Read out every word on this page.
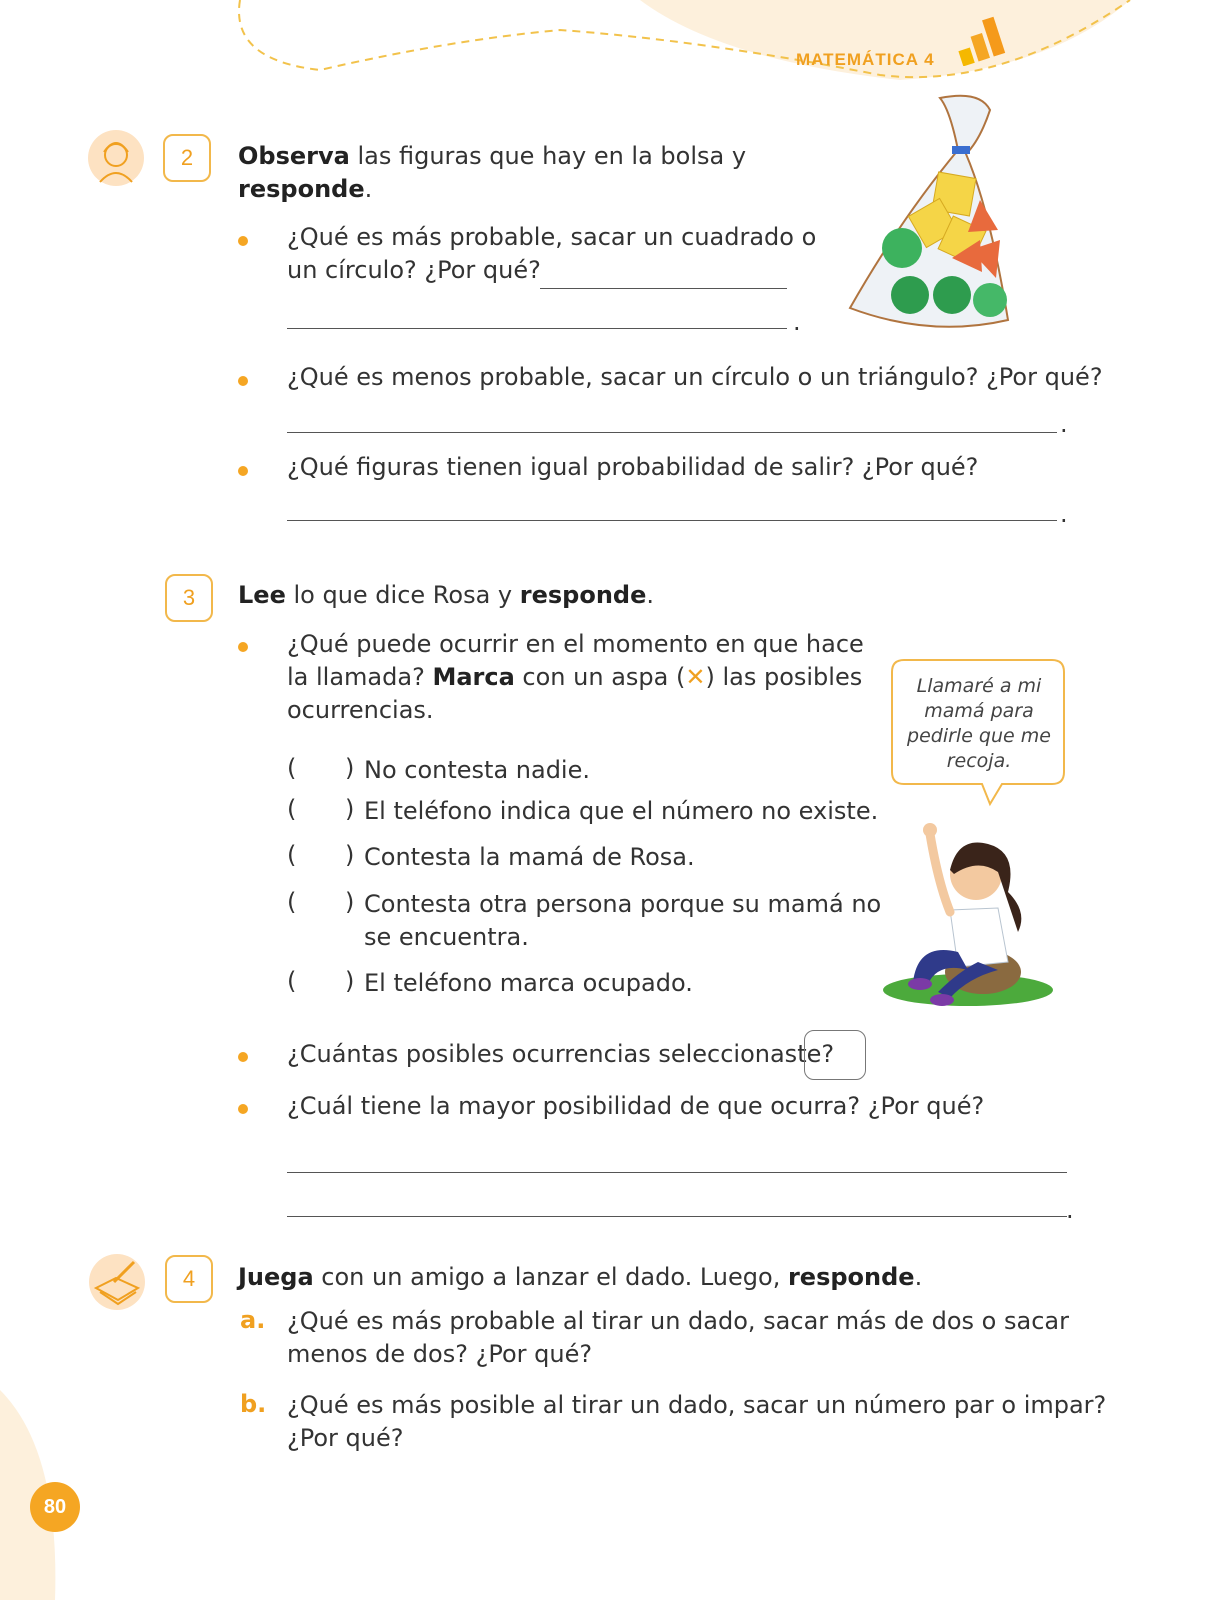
MATEMÁTICA 4
2	Observa las figuras que hay en la bolsa y
responde.
¿Qué es más probable, sacar un cuadrado o
un círculo? ¿Por qué?
.
¿Qué es menos probable, sacar un círculo o un triángulo? ¿Por qué?
.
¿Qué figuras tienen igual probabilidad de salir? ¿Por qué?
.
3	Lee lo que dice Rosa y responde.
¿Qué puede ocurrir en el momento en que hace
la llamada? Marca con un aspa (✕) las posibles
ocurrencias.
( ) No contesta nadie.
( ) El teléfono indica que el número no existe.
( ) Contesta la mamá de Rosa.
( ) Contesta otra persona porque su mamá no
se encuentra.
( ) El teléfono marca ocupado.
Llamaré a mi
mamá para
pedirle que me
recoja.
¿Cuántas posibles ocurrencias seleccionaste?
¿Cuál tiene la mayor posibilidad de que ocurra? ¿Por qué?
.
4	Juega con un amigo a lanzar el dado. Luego, responde.
a. ¿Qué es más probable al tirar un dado, sacar más de dos o sacar
menos de dos? ¿Por qué?
b. ¿Qué es más posible al tirar un dado, sacar un número par o impar?
¿Por qué?
80
